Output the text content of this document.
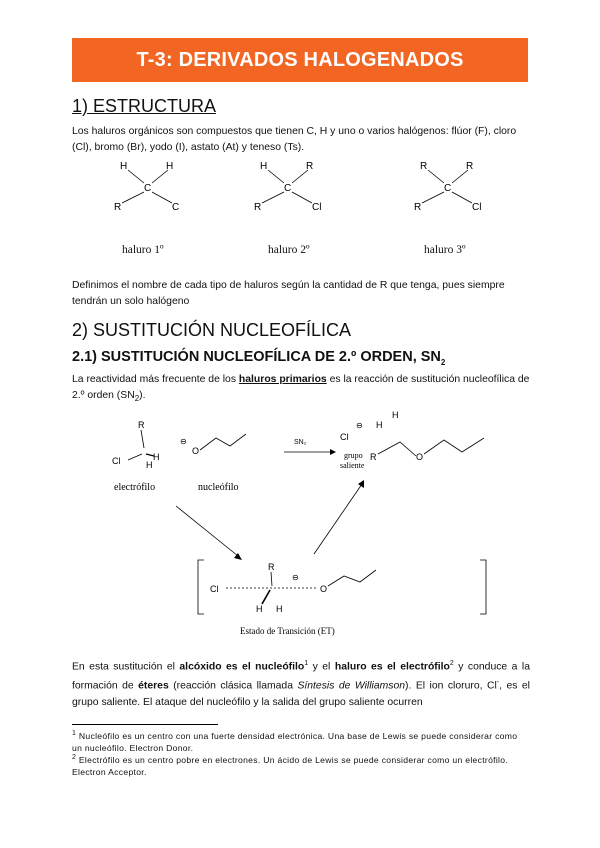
T-3: DERIVADOS HALOGENADOS
1) ESTRUCTURA
Los haluros orgánicos son compuestos que tienen C, H y uno o varios halógenos: flúor (F), cloro (Cl), bromo (Br), yodo (I), astato (At) y teneso (Ts).
H	H
C
R	C
H	R
C
R	Cl
R	R
C
R	Cl
haluro 1º	haluro 2º	haluro 3º
Definimos el nombre de cada tipo de haluros según la cantidad de R que tenga, pues siempre tendrán un solo halógeno
2) SUSTITUCIÓN NUCLEOFÍLICA
2.1) SUSTITUCIÓN NUCLEOFÍLICA DE 2.º ORDEN, $SN_2$
La reactividad más frecuente de los haluros primarios es la reacción de sustitución nucleofílica de 2.º orden $(SN_2)$.
R
Cl	H
H
electrófilo
⊖
O
nucleófilo
SN₂
Cl
⊖
grupo
saliente
H
H
R	O
Cl
R
H H
⊖
O
Estado de Transición (ET)
En esta sustitución el alcóxido es el nucleófilo$^1$ y el haluro es el electrófilo$^2$ y conduce a la formación de éteres (reacción clásica llamada Síntesis de Williamson). El ion cloruro, Cl-, es el grupo saliente. El ataque del nucleófilo y la salida del grupo saliente ocurren
$^1$ Nucleófilo es un centro con una fuerte densidad electrónica. Una base de Lewis se puede considerar como un nucleófilo. Electron Donor.
$^2$ Electrófilo es un centro pobre en electrones. Un ácido de Lewis se puede considerar como un electrófilo. Electron Acceptor.
